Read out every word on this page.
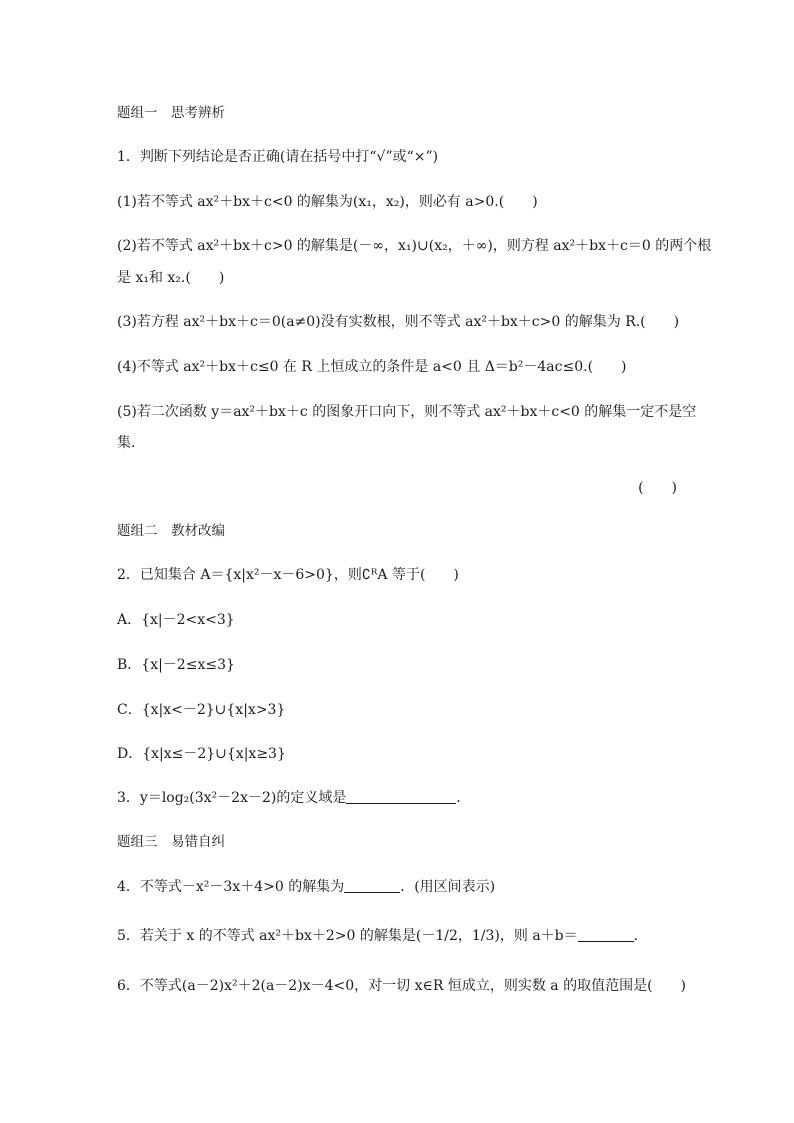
题组一　思考辨析
1．判断下列结论是否正确(请在括号中打“√”或“×”)
(1)若不等式 ax²＋bx＋c<0 的解集为(x₁，x₂)，则必有 a>0.(　　)
(2)若不等式 ax²＋bx＋c>0 的解集是(－∞，x₁)∪(x₂，＋∞)，则方程 ax²＋bx＋c＝0 的两个根
是 x₁和 x₂.(　　)
(3)若方程 ax²＋bx＋c＝0(a≠0)没有实数根，则不等式 ax²＋bx＋c>0 的解集为 R.(　　)
(4)不等式 ax²＋bx＋c≤0 在 R 上恒成立的条件是 a<0 且 Δ＝b²－4ac≤0.(　　)
(5)若二次函数 y＝ax²＋bx＋c 的图象开口向下，则不等式 ax²＋bx＋c<0 的解集一定不是空
集．
(　　)
题组二　教材改编
2．已知集合 A＝{x|x²－x－6>0}，则∁ᴿA 等于(　　)
A．{x|－2<x<3}
B．{x|－2≤x≤3}
C．{x|x<－2}∪{x|x>3}
D．{x|x≤－2}∪{x|x≥3}
3．y＝log₂(3x²－2x－2)的定义域是	．
题组三　易错自纠
4．不等式－x²－3x＋4>0 的解集为	．(用区间表示)
5．若关于 x 的不等式 ax²＋bx＋2>0 的解集是(－1/2，1/3)，则 a＋b＝	.
6．不等式(a－2)x²＋2(a－2)x－4<0，对一切 x∈R 恒成立，则实数 a 的取值范围是(　　)
